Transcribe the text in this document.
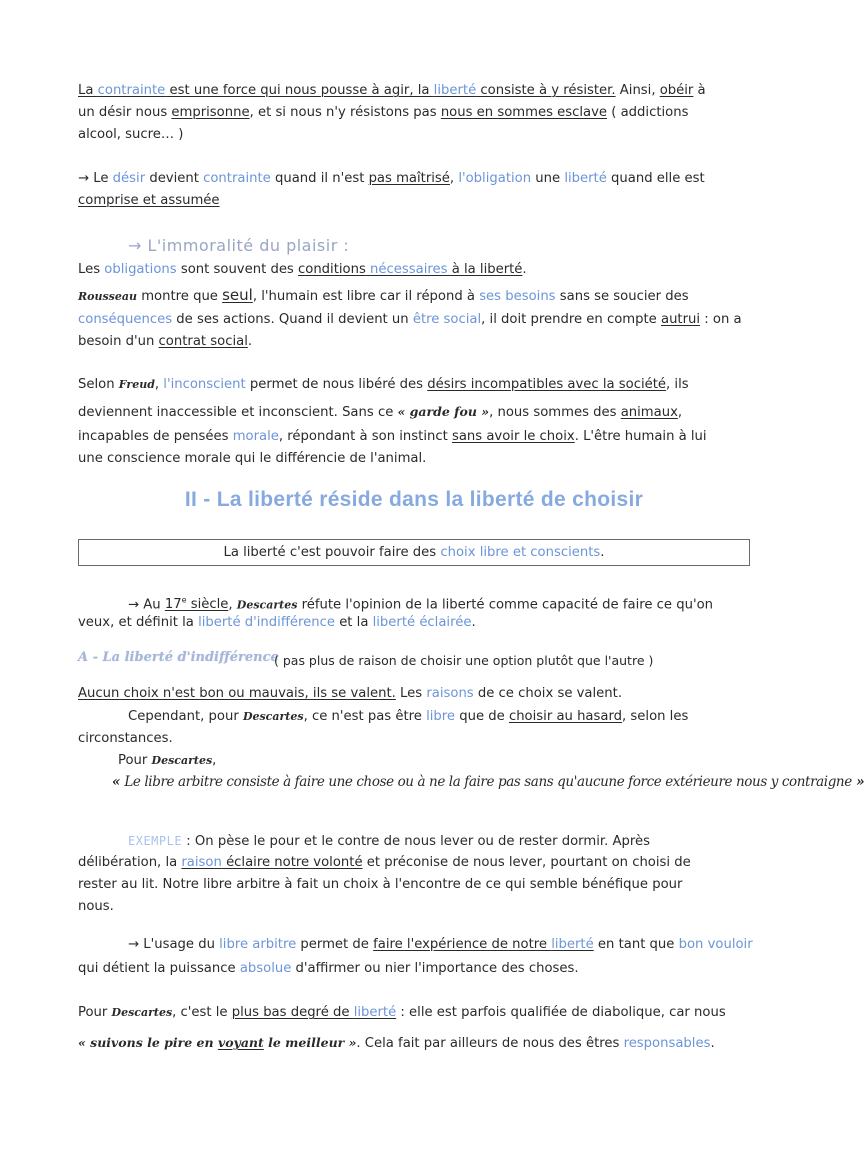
La contrainte est une force qui nous pousse à agir, la liberté consiste à y résister. Ainsi, obéir à
un désir nous emprisonne, et si nous n'y résistons pas nous en sommes esclave ( addictions
alcool, sucre… )
→ Le désir devient contrainte quand il n'est pas maîtrisé, l'obligation une liberté quand elle est
comprise et assumée
→ L'immoralité du plaisir :
Les obligations sont souvent des conditions nécessaires à la liberté.
Rousseau montre que seul, l'humain est libre car il répond à ses besoins sans se soucier des
conséquences de ses actions. Quand il devient un être social, il doit prendre en compte autrui : on a
besoin d'un contrat social.
Selon Freud, l'inconscient permet de nous libéré des désirs incompatibles avec la société, ils
deviennent inaccessible et inconscient. Sans ce « garde fou », nous sommes des animaux,
incapables de pensées morale, répondant à son instinct sans avoir le choix. L'être humain à lui
une conscience morale qui le différencie de l'animal.
II - La liberté réside dans la liberté de choisir
La liberté c'est pouvoir faire des choix libre et conscients.
→ Au 17e siècle, Descartes réfute l'opinion de la liberté comme capacité de faire ce qu'on
veux, et définit la liberté d'indifférence et la liberté éclairée.
A - La liberté d'indifférence
( pas plus de raison de choisir une option plutôt que l'autre )
Aucun choix n'est bon ou mauvais, ils se valent. Les raisons de ce choix se valent.
Cependant, pour Descartes, ce n'est pas être libre que de choisir au hasard, selon les
circonstances.
Pour Descartes,
« Le libre arbitre consiste à faire une chose ou à ne la faire pas sans qu'aucune force extérieure nous y contraigne »
EXEMPLE : On pèse le pour et le contre de nous lever ou de rester dormir. Après
délibération, la raison éclaire notre volonté et préconise de nous lever, pourtant on choisi de
rester au lit. Notre libre arbitre à fait un choix à l'encontre de ce qui semble bénéfique pour
nous.
→ L'usage du libre arbitre permet de faire l'expérience de notre liberté en tant que bon vouloir
qui détient la puissance absolue d'affirmer ou nier l'importance des choses.
Pour Descartes, c'est le plus bas degré de liberté : elle est parfois qualifiée de diabolique, car nous
« suivons le pire en voyant le meilleur ». Cela fait par ailleurs de nous des êtres responsables.
